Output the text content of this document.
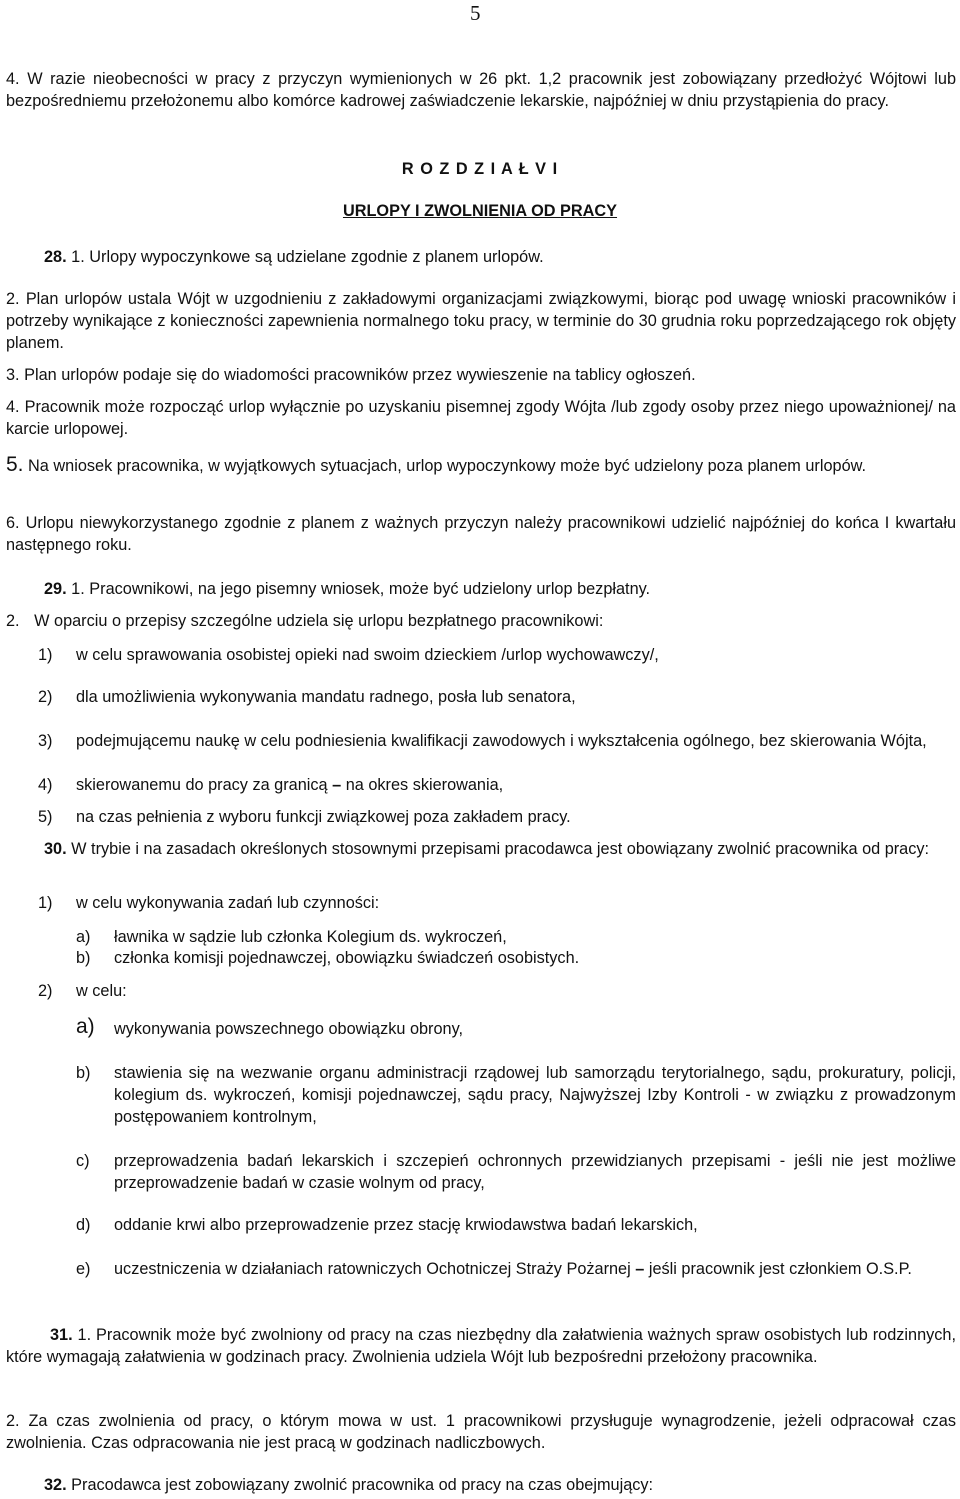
5
4. W razie nieobecności w pracy z przyczyn wymienionych w 26 pkt. 1,2 pracownik jest zobowiązany przedłożyć Wójtowi lub bezpośredniemu przełożonemu albo komórce kadrowej zaświadczenie lekarskie, najpóźniej w dniu przystąpienia do pracy.
R O Z D Z I A Ł V I
URLOPY I ZWOLNIENIA OD PRACY
28. 1. Urlopy wypoczynkowe są udzielane zgodnie z planem urlopów.
2. Plan urlopów ustala Wójt w uzgodnieniu z zakładowymi organizacjami związkowymi, biorąc pod uwagę wnioski pracowników i potrzeby wynikające z konieczności zapewnienia normalnego toku pracy, w terminie do 30 grudnia roku poprzedzającego rok objęty planem.
3. Plan urlopów podaje się do wiadomości pracowników przez wywieszenie na tablicy ogłoszeń.
4. Pracownik może rozpocząć urlop wyłącznie po uzyskaniu pisemnej zgody Wójta /lub zgody osoby przez niego upoważnionej/ na karcie urlopowej.
5. Na wniosek pracownika, w wyjątkowych sytuacjach, urlop wypoczynkowy może być udzielony poza planem urlopów.
6. Urlopu niewykorzystanego zgodnie z planem z ważnych przyczyn należy pracownikowi udzielić najpóźniej do końca I kwartału następnego roku.
29. 1. Pracownikowi, na jego pisemny wniosek, może być udzielony urlop bezpłatny.
2. W oparciu o przepisy szczególne udziela się urlopu bezpłatnego pracownikowi:
1) w celu sprawowania osobistej opieki nad swoim dzieckiem /urlop wychowawczy/,
2) dla umożliwienia wykonywania mandatu radnego, posła lub senatora,
3) podejmującemu naukę w celu podniesienia kwalifikacji zawodowych i wykształcenia ogólnego, bez skierowania Wójta,
4) skierowanemu do pracy za granicą – na okres skierowania,
5) na czas pełnienia z wyboru funkcji związkowej poza zakładem pracy.
30. W trybie i na zasadach określonych stosownymi przepisami pracodawca jest obowiązany zwolnić pracownika od pracy:
1) w celu wykonywania zadań lub czynności:
a) ławnika w sądzie lub członka Kolegium ds. wykroczeń,
b) członka komisji pojednawczej, obowiązku świadczeń osobistych.
2) w celu:
a) wykonywania powszechnego obowiązku obrony,
b) stawienia się na wezwanie organu administracji rządowej lub samorządu terytorialnego, sądu, prokuratury, policji, kolegium ds. wykroczeń, komisji pojednawczej, sądu pracy, Najwyższej Izby Kontroli - w związku z prowadzonym postępowaniem kontrolnym,
c) przeprowadzenia badań lekarskich i szczepień ochronnych przewidzianych przepisami - jeśli nie jest możliwe przeprowadzenie badań w czasie wolnym od pracy,
d) oddanie krwi albo przeprowadzenie przez stację krwiodawstwa badań lekarskich,
e) uczestniczenia w działaniach ratowniczych Ochotniczej Straży Pożarnej – jeśli pracownik jest członkiem O.S.P.
31. 1. Pracownik może być zwolniony od pracy na czas niezbędny dla załatwienia ważnych spraw osobistych lub rodzinnych, które wymagają załatwienia w godzinach pracy. Zwolnienia udziela Wójt lub bezpośredni przełożony pracownika.
2. Za czas zwolnienia od pracy, o którym mowa w ust. 1 pracownikowi przysługuje wynagrodzenie, jeżeli odpracował czas zwolnienia. Czas odpracowania nie jest pracą w godzinach nadliczbowych.
32. Pracodawca jest zobowiązany zwolnić pracownika od pracy na czas obejmujący:
